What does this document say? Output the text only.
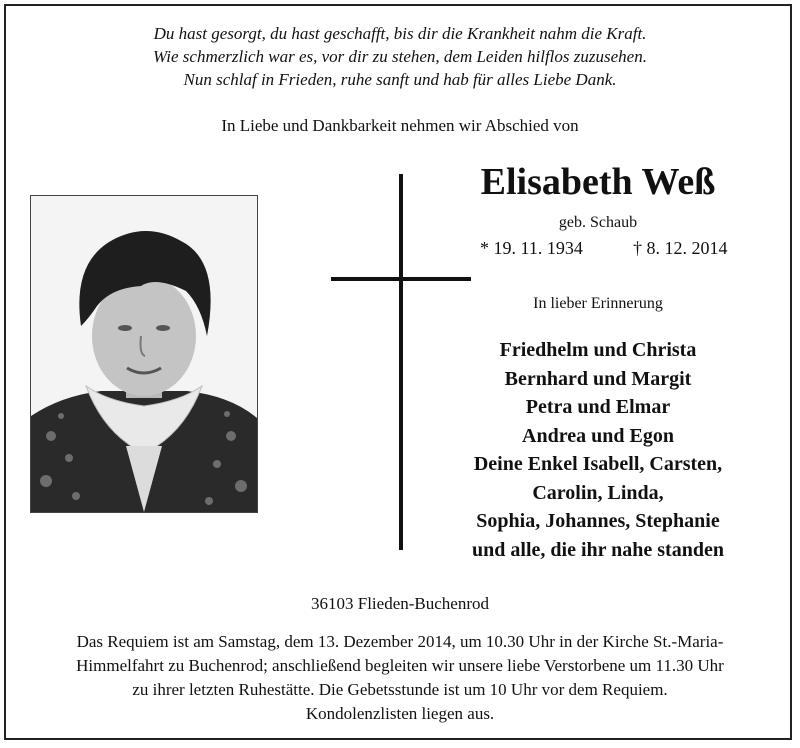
Du hast gesorgt, du hast geschafft, bis dir die Krankheit nahm die Kraft.
Wie schmerzlich war es, vor dir zu stehen, dem Leiden hilflos zuzusehen.
Nun schlaf in Frieden, ruhe sanft und hab für alles Liebe Dank.
In Liebe und Dankbarkeit nehmen wir Abschied von
Elisabeth Weß
geb. Schaub
* 19. 11. 1934	† 8. 12. 2014
In lieber Erinnerung
Friedhelm und Christa
Bernhard und Margit
Petra und Elmar
Andrea und Egon
Deine Enkel Isabell, Carsten,
Carolin, Linda,
Sophia, Johannes, Stephanie
und alle, die ihr nahe standen
36103 Flieden-Buchenrod
Das Requiem ist am Samstag, dem 13. Dezember 2014, um 10.30 Uhr in der Kirche St.-Maria-
Himmelfahrt zu Buchenrod; anschließend begleiten wir unsere liebe Verstorbene um 11.30 Uhr
zu ihrer letzten Ruhestätte. Die Gebetsstunde ist um 10 Uhr vor dem Requiem.
Kondolenzlisten liegen aus.
